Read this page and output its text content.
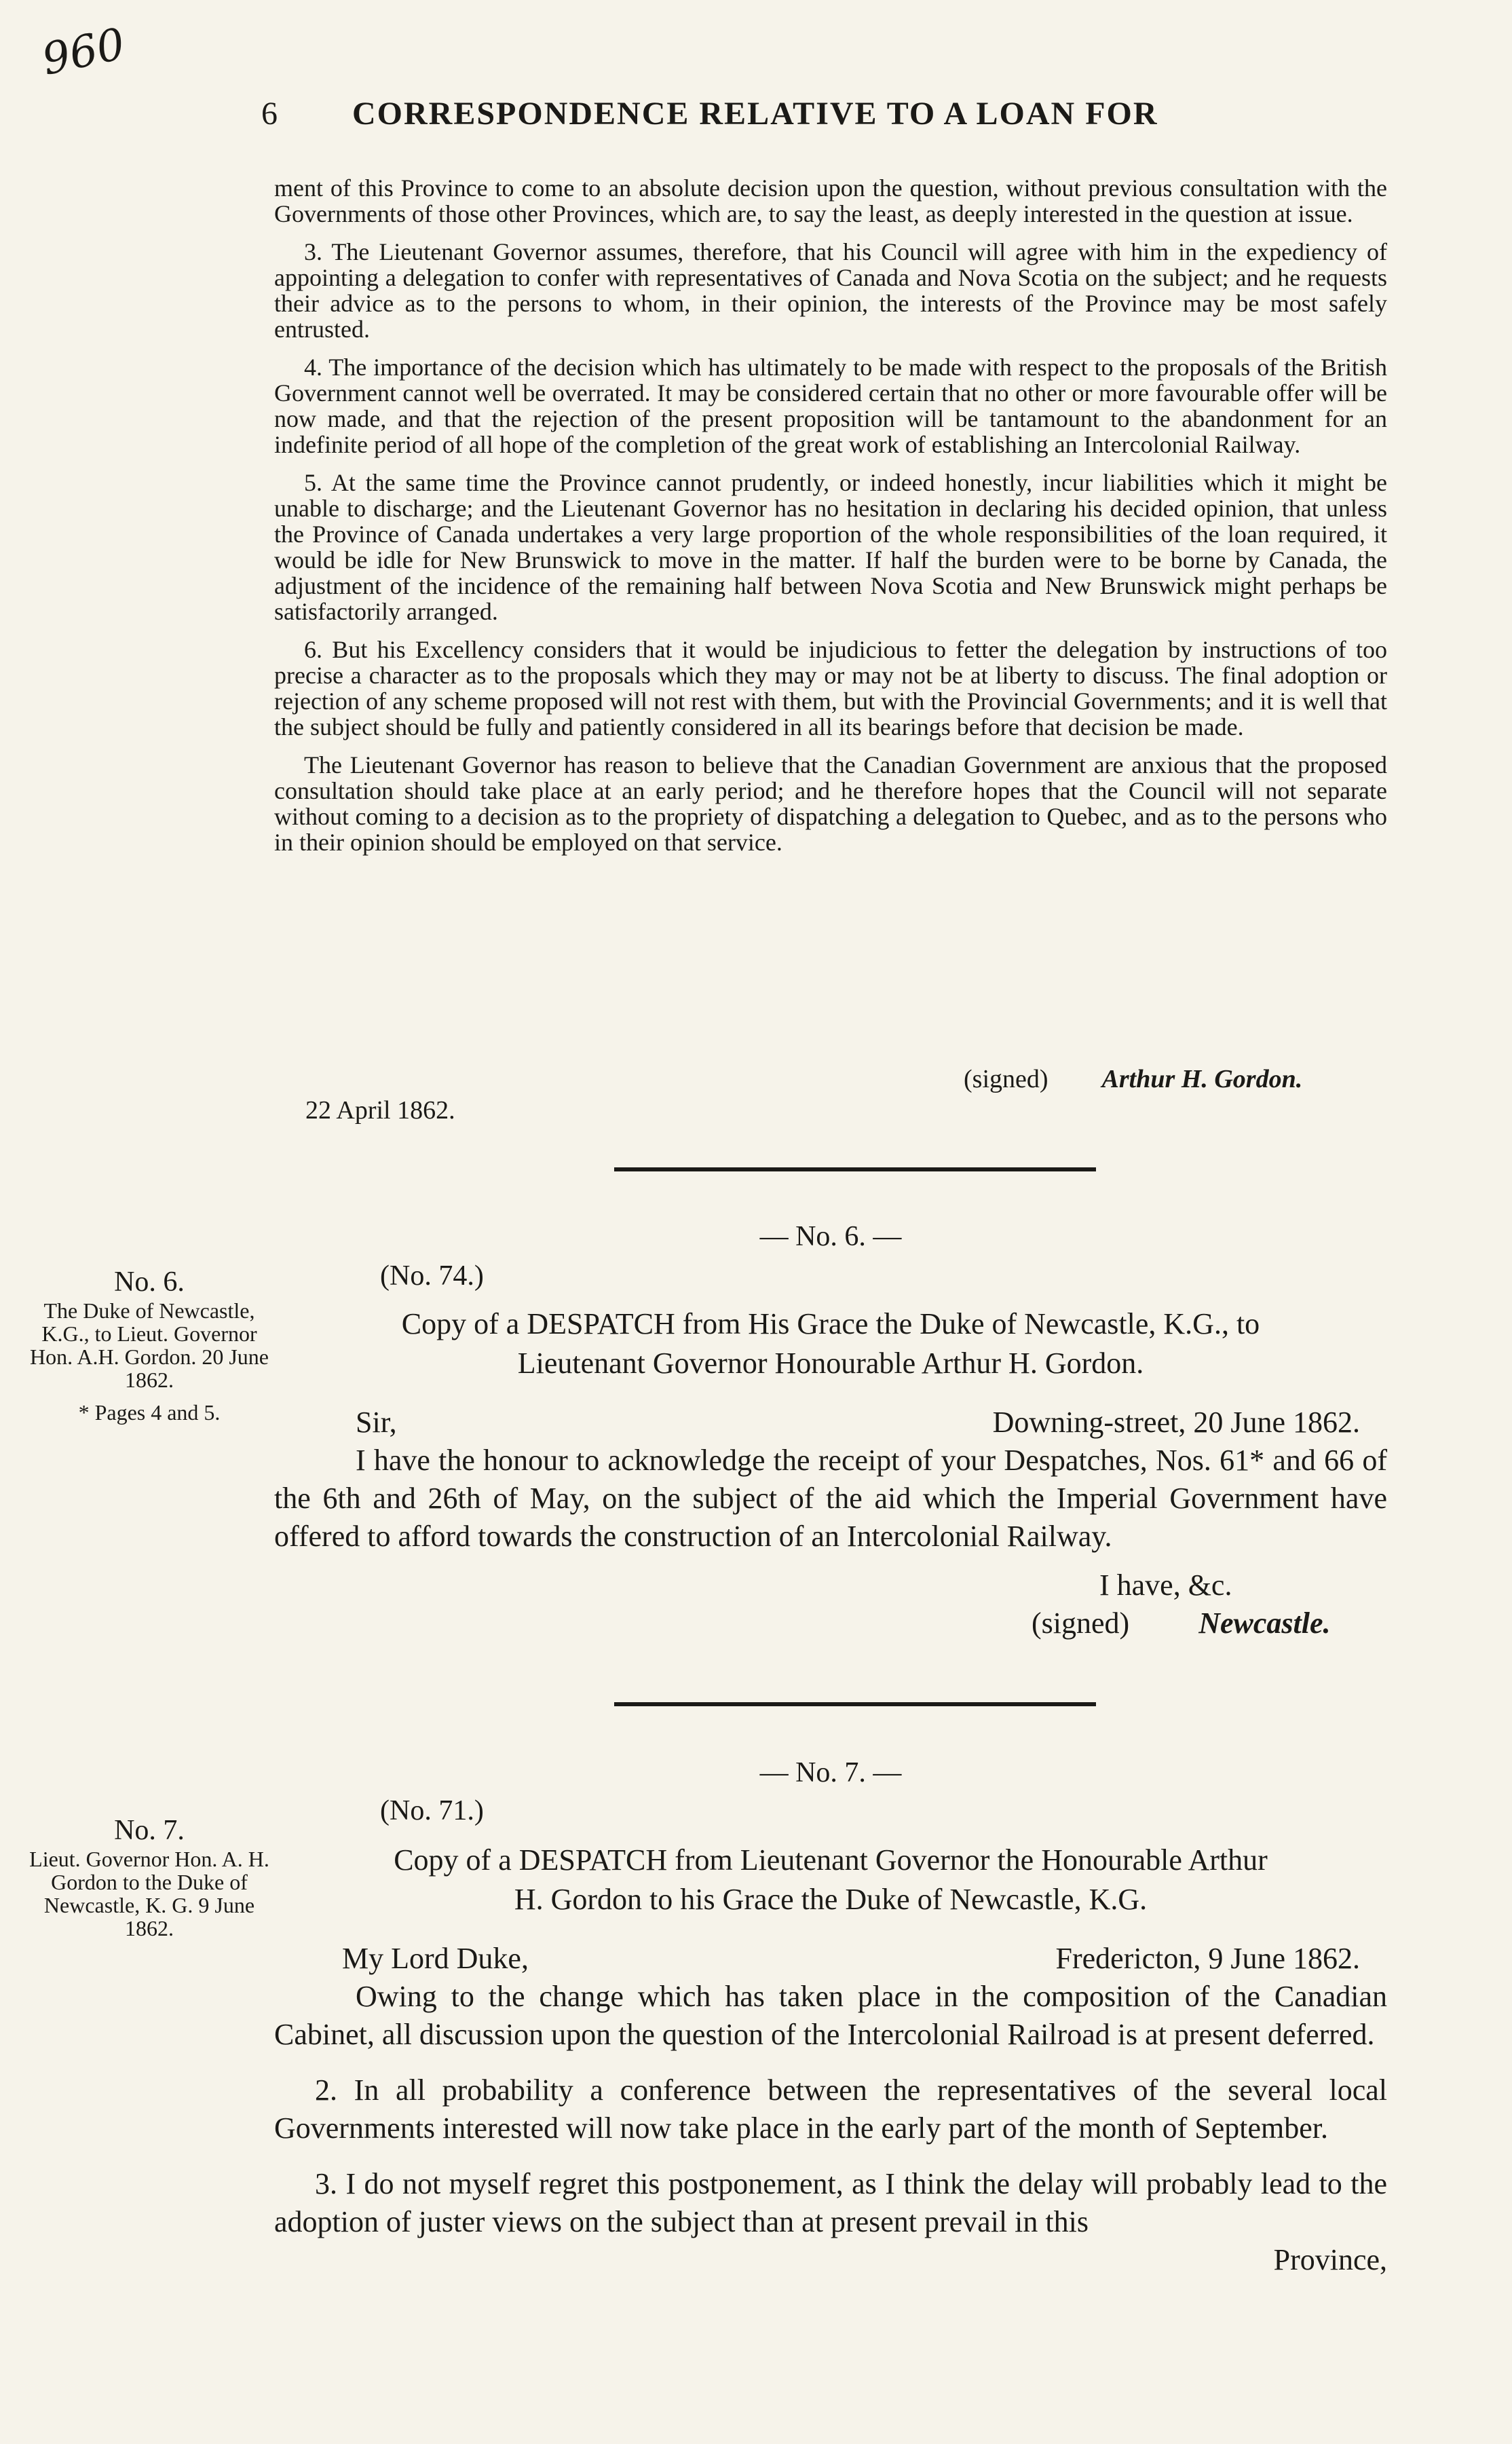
960
6 CORRESPONDENCE RELATIVE TO A LOAN FOR

ment of this Province to come to an absolute decision upon the question, without previous consultation with the Governments of those other Provinces, which are, to say the least, as deeply interested in the question at issue.

3. The Lieutenant Governor assumes, therefore, that his Council will agree with him in the expediency of appointing a delegation to confer with representatives of Canada and Nova Scotia on the subject; and he requests their advice as to the persons to whom, in their opinion, the interests of the Province may be most safely entrusted.

4. The importance of the decision which has ultimately to be made with respect to the proposals of the British Government cannot well be overrated. It may be considered certain that no other or more favourable offer will be now made, and that the rejection of the present proposition will be tantamount to the abandonment for an indefinite period of all hope of the completion of the great work of establishing an Intercolonial Railway.

5. At the same time the Province cannot prudently, or indeed honestly, incur liabilities which it might be unable to discharge; and the Lieutenant Governor has no hesitation in declaring his decided opinion, that unless the Province of Canada undertakes a very large proportion of the whole responsibilities of the loan required, it would be idle for New Brunswick to move in the matter. If half the burden were to be borne by Canada, the adjustment of the incidence of the remaining half between Nova Scotia and New Brunswick might perhaps be satisfactorily arranged.

6. But his Excellency considers that it would be injudicious to fetter the delegation by instructions of too precise a character as to the proposals which they may or may not be at liberty to discuss. The final adoption or rejection of any scheme proposed will not rest with them, but with the Provincial Governments; and it is well that the subject should be fully and patiently considered in all its bearings before that decision be made.

The Lieutenant Governor has reason to believe that the Canadian Government are anxious that the proposed consultation should take place at an early period; and he therefore hopes that the Council will not separate without coming to a decision as to the propriety of dispatching a delegation to Quebec, and as to the persons who in their opinion should be employed on that service.

(signed) Arthur H. Gordon.
22 April 1862.
— No. 6. —
(No. 74.)
No. 6.
The Duke of Newcastle, K.G., to Lieut. Governor Hon. A.H. Gordon. 20 June 1862.
* Pages 4 and 5.
Copy of a DESPATCH from His Grace the Duke of Newcastle, K.G., to
Lieutenant Governor Honourable Arthur H. Gordon.
Sir,	Downing-street, 20 June 1862.

I have the honour to acknowledge the receipt of your Despatches, Nos. 61* and 66 of the 6th and 26th of May, on the subject of the aid which the Imperial Government have offered to afford towards the construction of an Intercolonial Railway.

I have, &c.
(signed) Newcastle.
— No. 7. —
(No. 71.)
No. 7.
Lieut. Governor Hon. A. H. Gordon to the Duke of Newcastle, K. G. 9 June 1862.
Copy of a DESPATCH from Lieutenant Governor the Honourable Arthur
H. Gordon to his Grace the Duke of Newcastle, K.G.
My Lord Duke,	Fredericton, 9 June 1862.

Owing to the change which has taken place in the composition of the Canadian Cabinet, all discussion upon the question of the Intercolonial Railroad is at present deferred.

2. In all probability a conference between the representatives of the several local Governments interested will now take place in the early part of the month of September.

3. I do not myself regret this postponement, as I think the delay will probably lead to the adoption of juster views on the subject than at present prevail in this

Province,
